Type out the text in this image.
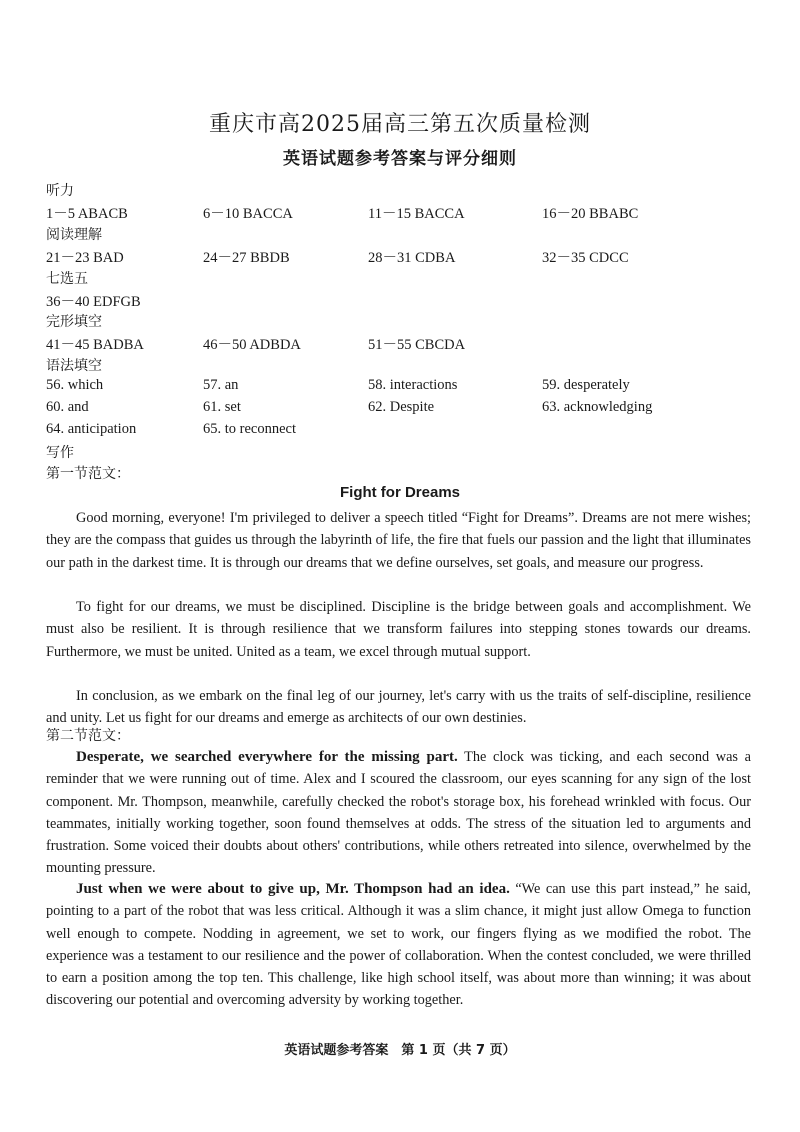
重庆市高2025届高三第五次质量检测
英语试题参考答案与评分细则
听力
1－5 ABACB	6－10 BACCA	11－15 BACCA	16－20 BBABC
阅读理解
21－23 BAD	24－27 BBDB	28－31 CDBA	32－35 CDCC
七选五
36－40 EDFGB
完形填空
41－45 BADBA	46－50 ADBDA	51－55 CBCDA
语法填空
56. which	57. an	58. interactions	59. desperately
60. and	61. set	62. Despite	63. acknowledging
64. anticipation	65. to reconnect
写作
第一节范文：
Fight for Dreams
Good morning, everyone! I'm privileged to deliver a speech titled “Fight for Dreams”. Dreams are not mere wishes; they are the compass that guides us through the labyrinth of life, the fire that fuels our passion and the light that illuminates our path in the darkest time. It is through our dreams that we define ourselves, set goals, and measure our progress.
To fight for our dreams, we must be disciplined. Discipline is the bridge between goals and accomplishment. We must also be resilient. It is through resilience that we transform failures into stepping stones towards our dreams. Furthermore, we must be united. United as a team, we excel through mutual support.
In conclusion, as we embark on the final leg of our journey, let's carry with us the traits of self-discipline, resilience and unity. Let us fight for our dreams and emerge as architects of our own destinies.
第二节范文：
Desperate, we searched everywhere for the missing part. The clock was ticking, and each second was a reminder that we were running out of time. Alex and I scoured the classroom, our eyes scanning for any sign of the lost component. Mr. Thompson, meanwhile, carefully checked the robot's storage box, his forehead wrinkled with focus. Our teammates, initially working together, soon found themselves at odds. The stress of the situation led to arguments and frustration. Some voiced their doubts about others' contributions, while others retreated into silence, overwhelmed by the mounting pressure.
Just when we were about to give up, Mr. Thompson had an idea. “We can use this part instead,” he said, pointing to a part of the robot that was less critical. Although it was a slim chance, it might just allow Omega to function well enough to compete. Nodding in agreement, we set to work, our fingers flying as we modified the robot. The experience was a testament to our resilience and the power of collaboration. When the contest concluded, we were thrilled to earn a position among the top ten. This challenge, like high school itself, was about more than winning; it was about discovering our potential and overcoming adversity by working together.
英语试题参考答案　第 1 页（共 7 页）
